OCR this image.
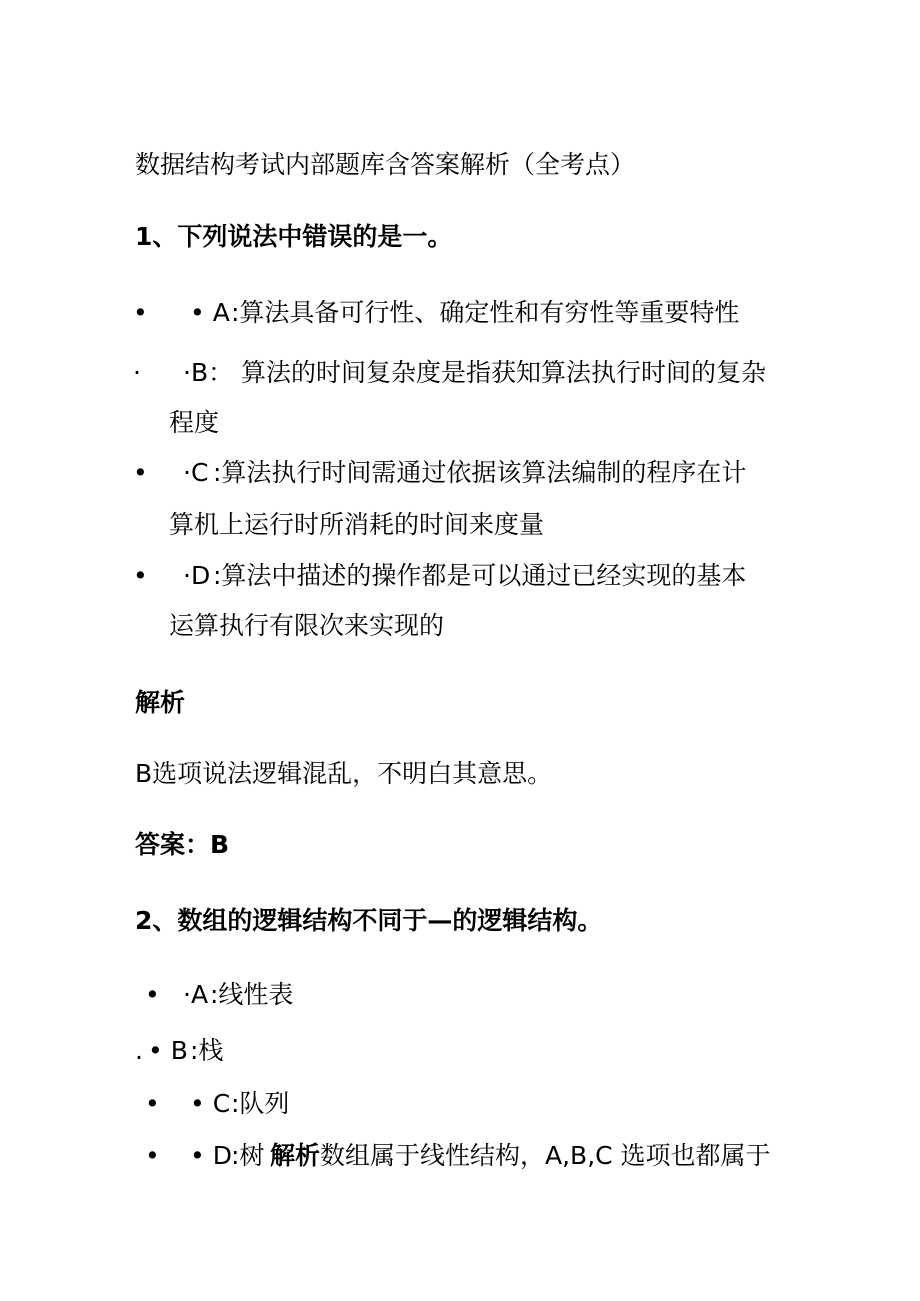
数据结构考试内部题库含答案解析（全考点）
1、下列说法中错误的是一。
• • A :算法具备可行性、确定性和有穷性等重要特性
· ·B： 算法的时间复杂度是指获知算法执行时间的复杂
程度
• ·C :算法执行时间需通过依据该算法编制的程序在计
算机上运行时所消耗的时间来度量
• ·D :算法中描述的操作都是可以通过已经实现的基本
运算执行有限次来实现的
解析
B选项说法逻辑混乱，不明白其意思。
答案：B
2、数组的逻辑结构不同于—的逻辑结构。
• ·A :线性表
. • B :栈
• • C :队列
• • D :树 解析 数组属于线性结构，A,B,C 选项也都属于
